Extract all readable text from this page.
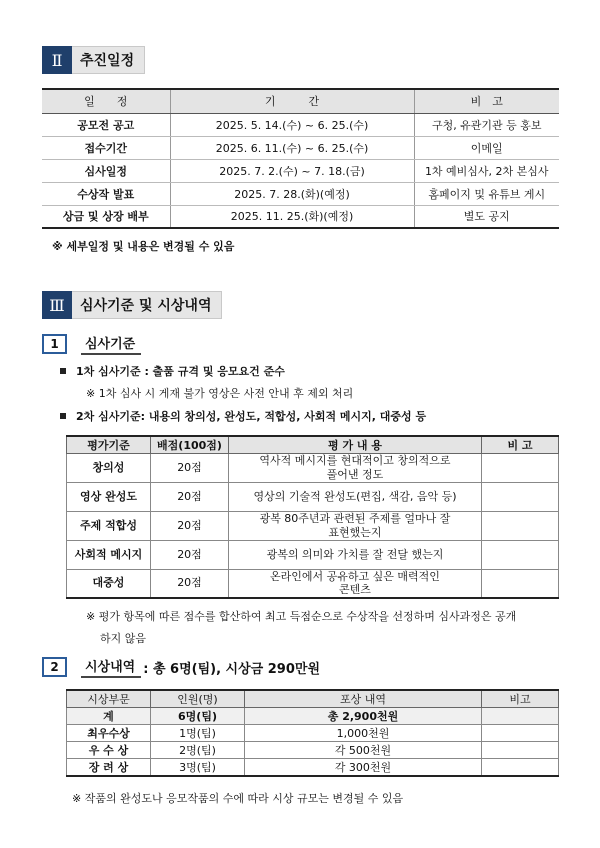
Ⅱ	추진일정
일　　정	기　　　간	비　고
공모전 공고	2025. 5. 14.(수) ~ 6. 25.(수)	구청, 유관기관 등 홍보
접수기간	2025. 6. 11.(수) ~ 6. 25.(수)	이메일
심사일정	2025. 7. 2.(수) ~ 7. 18.(금)	1차 예비심사, 2차 본심사
수상작 발표	2025. 7. 28.(화)(예정)	홈페이지 및 유튜브 게시
상금 및 상장 배부	2025. 11. 25.(화)(예정)	별도 공지
※ 세부일정 및 내용은 변경될 수 있음
Ⅲ	심사기준 및 시상내역
1	심사기준
1차 심사기준 : 출품 규격 및 응모요건 준수
※ 1차 심사 시 게재 불가 영상은 사전 안내 후 제외 처리
2차 심사기준: 내용의 창의성, 완성도, 적합성, 사회적 메시지, 대중성 등
평가기준	배점(100점)	평 가 내 용	비 고
창의성	20점	역사적 메시지를 현대적이고 창의적으로
풀어낸 정도	
영상 완성도	20점	영상의 기술적 완성도(편집, 색감, 음악 등)	
주제 적합성	20점	광복 80주년과 관련된 주제를 얼마나 잘
표현했는지	
사회적 메시지	20점	광복의 의미와 가치를 잘 전달 했는지	
대중성	20점	온라인에서 공유하고 싶은 매력적인
콘텐츠	
※ 평가 항목에 따른 점수를 합산하여 최고 득점순으로 수상작을 선정하며 심사과정은 공개
하지 않음
2	시상내역 : 총 6명(팀), 시상금 290만원
시상부문	인원(명)	포상 내역	비고
계	6명(팀)	총 2,900천원	
최우수상	1명(팀)	1,000천원	
우 수 상	2명(팀)	각 500천원	
장 려 상	3명(팀)	각 300천원	
※ 작품의 완성도나 응모작품의 수에 따라 시상 규모는 변경될 수 있음
